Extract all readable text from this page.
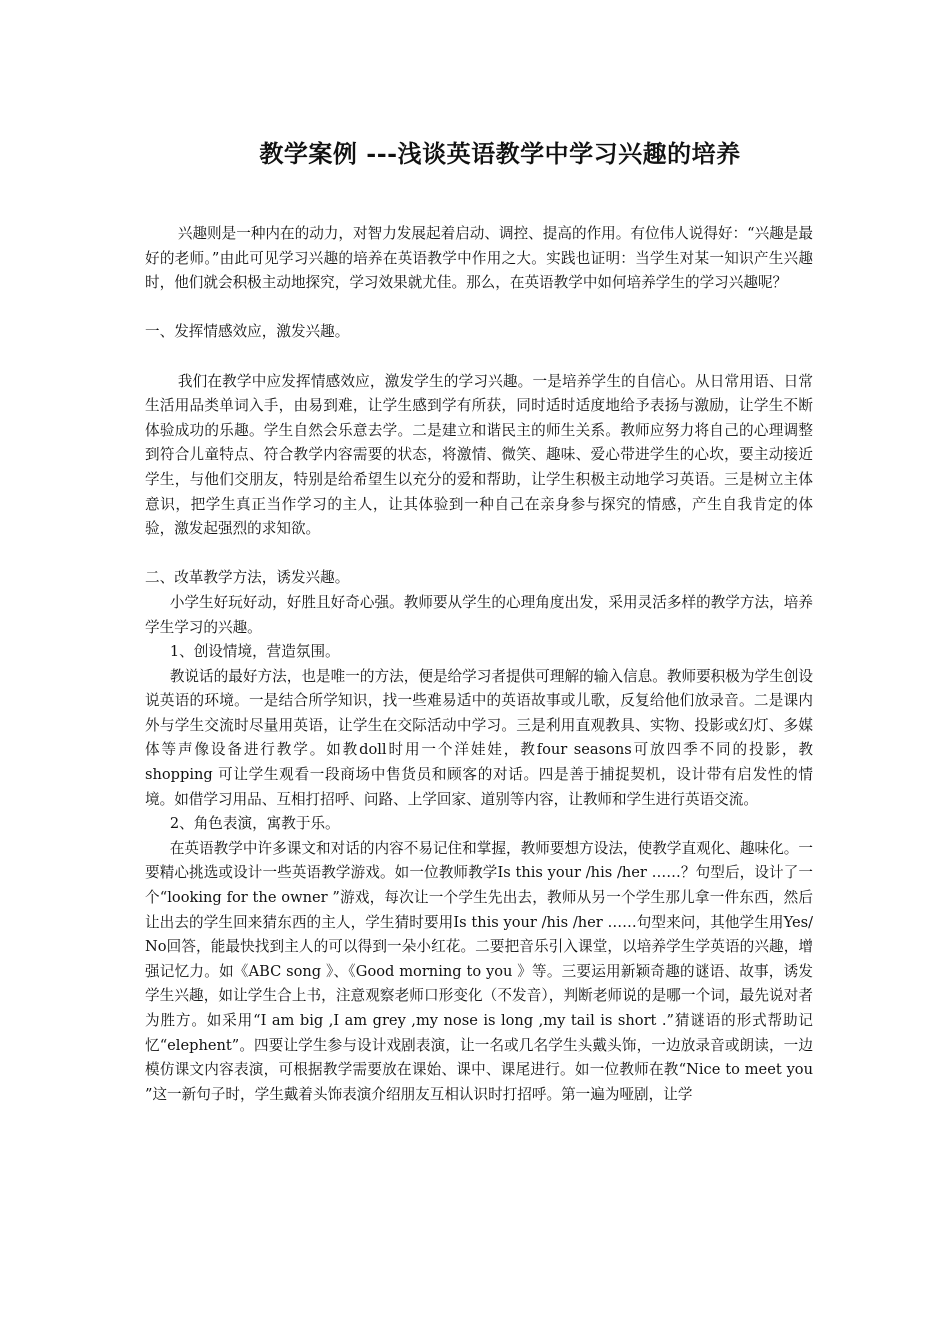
教学案例 ---浅谈英语教学中学习兴趣的培养

兴趣则是一种内在的动力，对智力发展起着启动、调控、提高的作用。有位伟人说得好：“兴趣是最好的老师。”由此可见学习兴趣的培养在英语教学中作用之大。实践也证明：当学生对某一知识产生兴趣时，他们就会积极主动地探究，学习效果就尤佳。那么，在英语教学中如何培养学生的学习兴趣呢？

一、发挥情感效应，激发兴趣。

我们在教学中应发挥情感效应，激发学生的学习兴趣。一是培养学生的自信心。从日常用语、日常生活用品类单词入手，由易到难，让学生感到学有所获，同时适时适度地给予表扬与激励，让学生不断体验成功的乐趣。学生自然会乐意去学。二是建立和谐民主的师生关系。教师应努力将自己的心理调整到符合儿童特点、符合教学内容需要的状态，将激情、微笑、趣味、爱心带进学生的心坎，要主动接近学生，与他们交朋友，特别是给希望生以充分的爱和帮助，让学生积极主动地学习英语。三是树立主体意识，把学生真正当作学习的主人，让其体验到一种自己在亲身参与探究的情感，产生自我肯定的体验，激发起强烈的求知欲。

二、改革教学方法，诱发兴趣。

小学生好玩好动，好胜且好奇心强。教师要从学生的心理角度出发，采用灵活多样的教学方法，培养学生学习的兴趣。

1、创设情境，营造氛围。

教说话的最好方法，也是唯一的方法，便是给学习者提供可理解的输入信息。教师要积极为学生创设说英语的环境。一是结合所学知识，找一些难易适中的英语故事或儿歌，反复给他们放录音。二是课内外与学生交流时尽量用英语，让学生在交际活动中学习。三是利用直观教具、实物、投影或幻灯、多媒体等声像设备进行教学。如教doll时用一个洋娃娃，教four seasons可放四季不同的投影，教shopping 可让学生观看一段商场中售货员和顾客的对话。四是善于捕捉契机，设计带有启发性的情境。如借学习用品、互相打招呼、问路、上学回家、道别等内容，让教师和学生进行英语交流。

2、角色表演，寓教于乐。

在英语教学中许多课文和对话的内容不易记住和掌握，教师要想方设法，使教学直观化、趣味化。一要精心挑选或设计一些英语教学游戏。如一位教师教学Is this your /his /her ……？句型后，设计了一个“looking for the owner ”游戏，每次让一个学生先出去，教师从另一个学生那儿拿一件东西，然后让出去的学生回来猜东西的主人，学生猜时要用Is this your /his /her ……句型来问，其他学生用Yes/ No回答，能最快找到主人的可以得到一朵小红花。二要把音乐引入课堂，以培养学生学英语的兴趣，增强记忆力。如《ABC song 》、《Good morning to you 》等。三要运用新颖奇趣的谜语、故事，诱发学生兴趣，如让学生合上书，注意观察老师口形变化（不发音），判断老师说的是哪一个词，最先说对者为胜方。如采用“I am big ,I am grey ,my nose is long ,my tail is short .”猜谜语的形式帮助记忆“elephent”。四要让学生参与设计戏剧表演，让一名或几名学生头戴头饰，一边放录音或朗读，一边模仿课文内容表演，可根据教学需要放在课始、课中、课尾进行。如一位教师在教“Nice to meet you ”这一新句子时，学生戴着头饰表演介绍朋友互相认识时打招呼。第一遍为哑剧，让学
